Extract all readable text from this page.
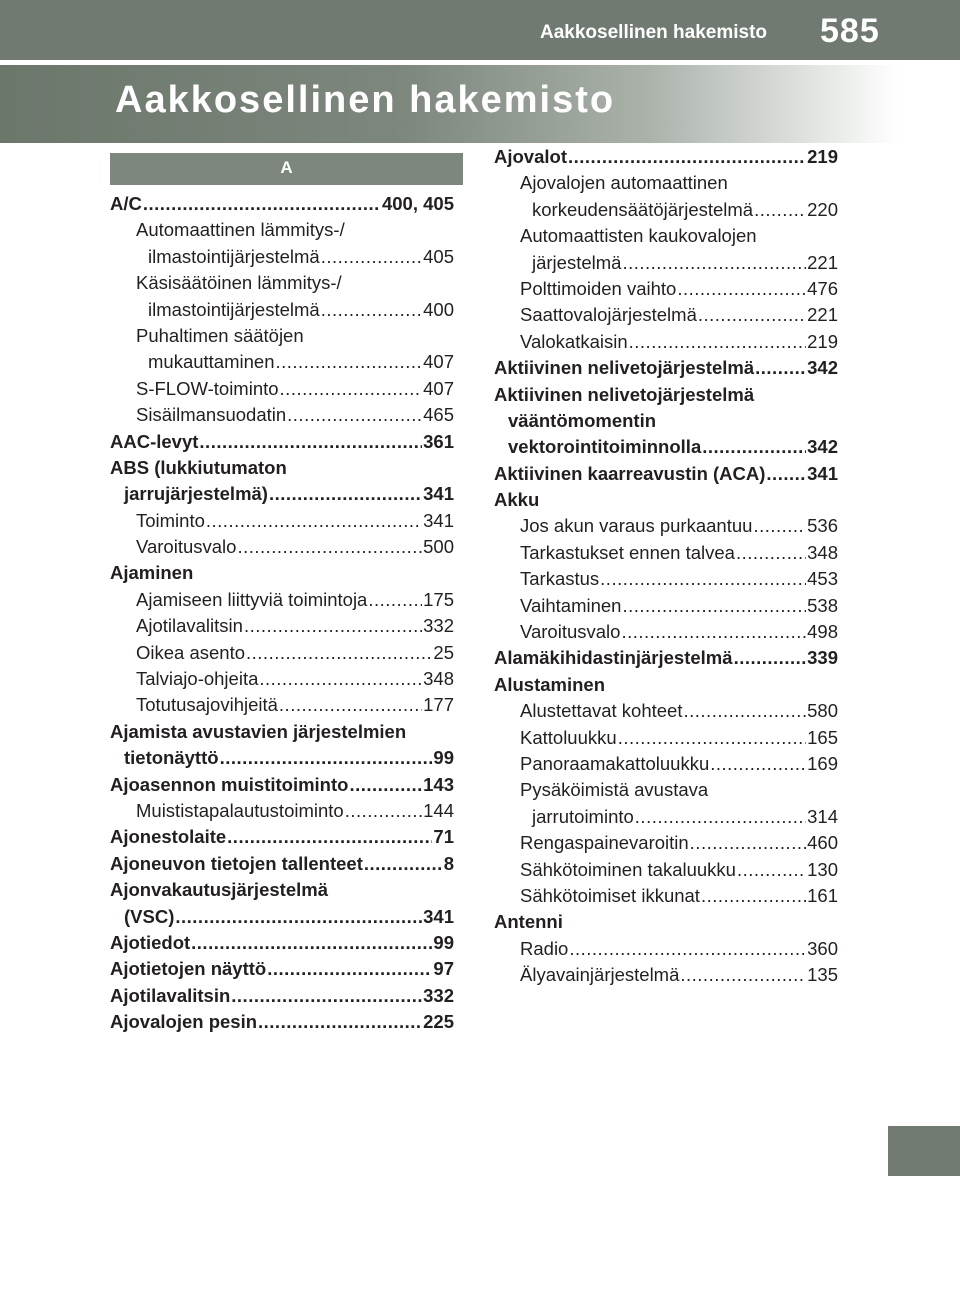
Aakkosellinen hakemisto 585
Aakkosellinen hakemisto
A
A/C .....	400, 405
Automaattinen lämmitys-/
ilmastointijärjestelmä .....	405
Käsisäätöinen lämmitys-/
ilmastointijärjestelmä .....	400
Puhaltimen säätöjen
mukauttaminen .....	407
S-FLOW-toiminto .....	407
Sisäilmansuodatin .....	465
AAC-levyt .....	361
ABS (lukkiutumaton
jarrujärjestelmä) .....	341
Toiminto .....	341
Varoitusvalo .....	500
Ajaminen
Ajamiseen liittyviä toimintoja .....	175
Ajotilavalitsin .....	332
Oikea asento .....	25
Talviajo-ohjeita .....	348
Totutusajovihjeitä .....	177
Ajamista avustavien järjestelmien
tietonäyttö .....	99
Ajoasennon muistitoiminto .....	143
Muististapalautustoiminto .....	144
Ajonestolaite .....	71
Ajoneuvon tietojen tallenteet .....	8
Ajonvakautusjärjestelmä
(VSC) .....	341
Ajotiedot .....	99
Ajotietojen näyttö .....	97
Ajotilavalitsin .....	332
Ajovalojen pesin .....	225
Ajovalot .....	219
Ajovalojen automaattinen
korkeudensäätöjärjestelmä .....	220
Automaattisten kaukovalojen
järjestelmä .....	221
Polttimoiden vaihto .....	476
Saattovalojärjestelmä .....	221
Valokatkaisin .....	219
Aktiivinen nelivetojärjestelmä .....	342
Aktiivinen nelivetojärjestelmä
vääntömomentin
vektorointitoiminnolla .....	342
Aktiivinen kaarreavustin (ACA) ..... 341
Akku
Jos akun varaus purkaantuu .....	536
Tarkastukset ennen talvea .....	348
Tarkastus .....	453
Vaihtaminen .....	538
Varoitusvalo .....	498
Alamäkihidastinjärjestelmä .....	339
Alustaminen
Alustettavat kohteet .....	580
Kattoluukku .....	165
Panoraamakattoluukku .....	169
Pysäköimistä avustava
jarrutoiminto .....	314
Rengaspainevaroitin .....	460
Sähkötoiminen takaluukku .....	130
Sähkötoimiset ikkunat .....	161
Antenni
Radio .....	360
Älyavainjärjestelmä .....	135
